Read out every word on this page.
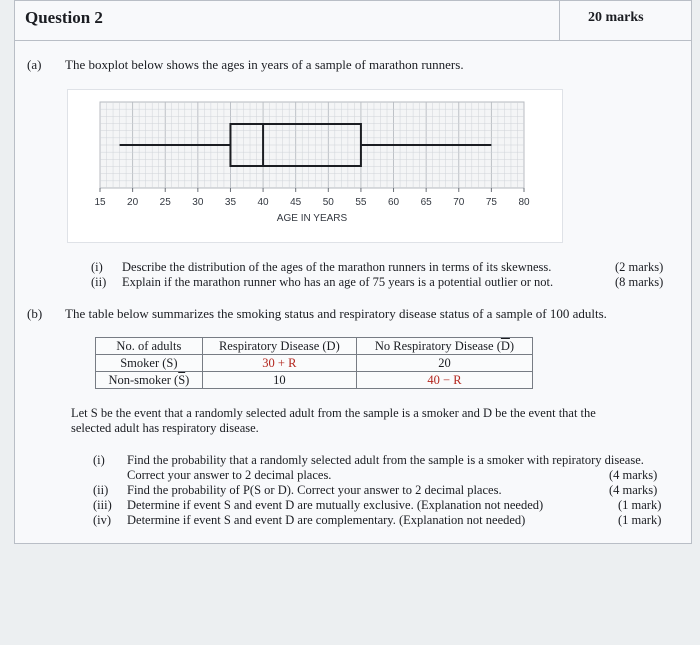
Question 2	20 marks
(a) The boxplot below shows the ages in years of a sample of marathon runners.
15 20 25 30 35 40 45 50 55 60 65 70 75 80
AGE IN YEARS
(i) Describe the distribution of the ages of the marathon runners in terms of its skewness.	(2 marks)
(ii) Explain if the marathon runner who has an age of 75 years is a potential outlier or not.	(8 marks)
(b) The table below summarizes the smoking status and respiratory disease status of a sample of 100 adults.
No. of adults	Respiratory Disease (D)	No Respiratory Disease $(\overline{D})$
Smoker (S)	30 + R	20
Non-smoker $(\overline{S})$	10	40 − R
Let S be the event that a randomly selected adult from the sample is a smoker and D be the event that the
selected adult has respiratory disease.
(i) Find the probability that a randomly selected adult from the sample is a smoker with repiratory disease.
Correct your answer to 2 decimal places.	(4 marks)
(ii) Find the probability of P(S or D). Correct your answer to 2 decimal places.	(4 marks)
(iii) Determine if event S and event D are mutually exclusive. (Explanation not needed)	(1 mark)
(iv) Determine if event S and event D are complementary. (Explanation not needed)	(1 mark)
